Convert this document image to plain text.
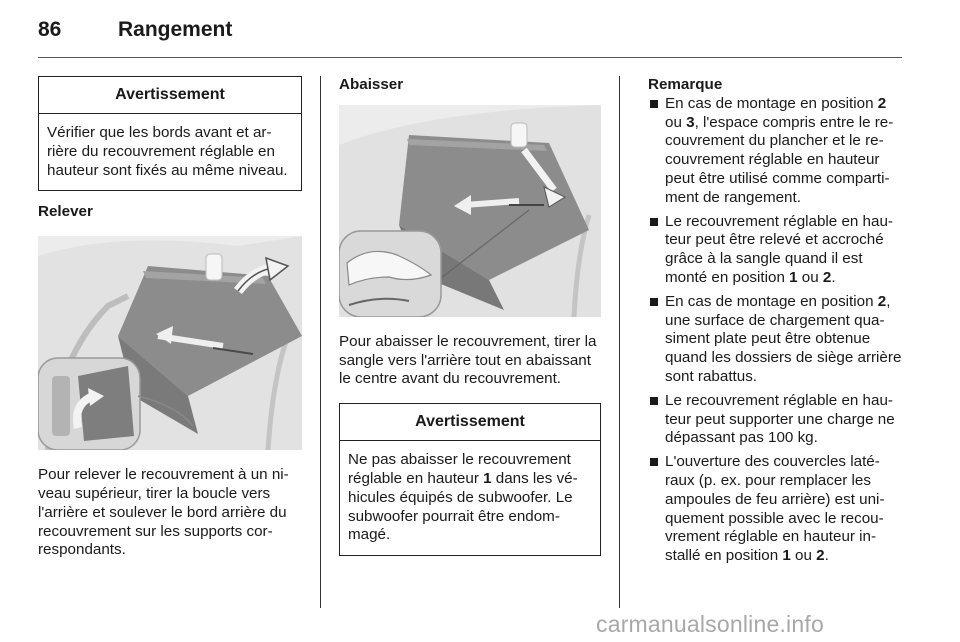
86	Rangement
Avertissement

Vérifier que les bords avant et arrière du recouvrement réglable en hauteur sont fixés au même niveau.

Relever

Pour relever le recouvrement à un niveau supérieur, tirer la boucle vers l'arrière et soulever le bord arrière du recouvrement sur les supports correspondants.

Abaisser

Pour abaisser le recouvrement, tirer la sangle vers l'arrière tout en abaissant le centre avant du recouvrement.

Avertissement

Ne pas abaisser le recouvrement réglable en hauteur 1 dans les véhicules équipés de subwoofer. Le subwoofer pourrait être endommagé.

Remarque

En cas de montage en position 2 ou 3, l'espace compris entre le recouvrement du plancher et le recouvrement réglable en hauteur peut être utilisé comme compartiment de rangement.
Le recouvrement réglable en hauteur peut être relevé et accroché grâce à la sangle quand il est monté en position 1 ou 2.
En cas de montage en position 2, une surface de chargement quasiment plate peut être obtenue quand les dossiers de siège arrière sont rabattus.
Le recouvrement réglable en hauteur peut supporter une charge ne dépassant pas 100 kg.
L'ouverture des couvercles latéraux (p. ex. pour remplacer les ampoules de feu arrière) est uniquement possible avec le recouvrement réglable en hauteur installé en position 1 ou 2.
carmanualsonline.info
